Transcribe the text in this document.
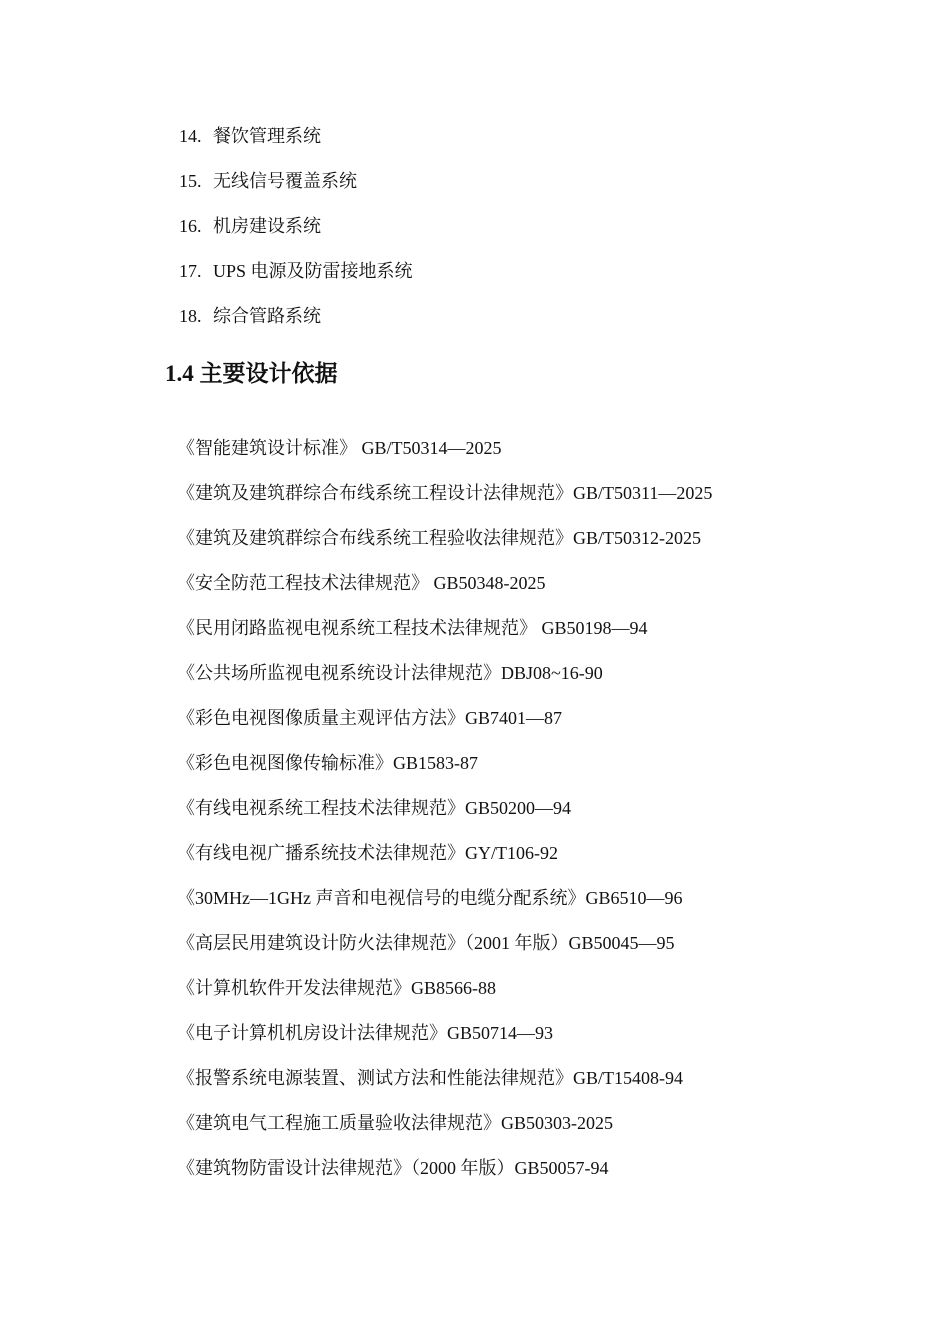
14. 餐饮管理系统
15. 无线信号覆盖系统
16. 机房建设系统
17. UPS 电源及防雷接地系统
18. 综合管路系统
1.4 主要设计依据
《智能建筑设计标准》 GB/T50314—2025
《建筑及建筑群综合布线系统工程设计法律规范》GB/T50311—2025
《建筑及建筑群综合布线系统工程验收法律规范》GB/T50312-2025
《安全防范工程技术法律规范》 GB50348-2025
《民用闭路监视电视系统工程技术法律规范》 GB50198—94
《公共场所监视电视系统设计法律规范》DBJ08~16-90
《彩色电视图像质量主观评估方法》GB7401—87
《彩色电视图像传输标准》GB1583-87
《有线电视系统工程技术法律规范》GB50200—94
《有线电视广播系统技术法律规范》GY/T106-92
《30MHz—1GHz 声音和电视信号的电缆分配系统》GB6510—96
《高层民用建筑设计防火法律规范》（2001 年版）GB50045—95
《计算机软件开发法律规范》GB8566-88
《电子计算机机房设计法律规范》GB50714—93
《报警系统电源装置、测试方法和性能法律规范》GB/T15408-94
《建筑电气工程施工质量验收法律规范》GB50303-2025
《建筑物防雷设计法律规范》（2000 年版）GB50057-94
